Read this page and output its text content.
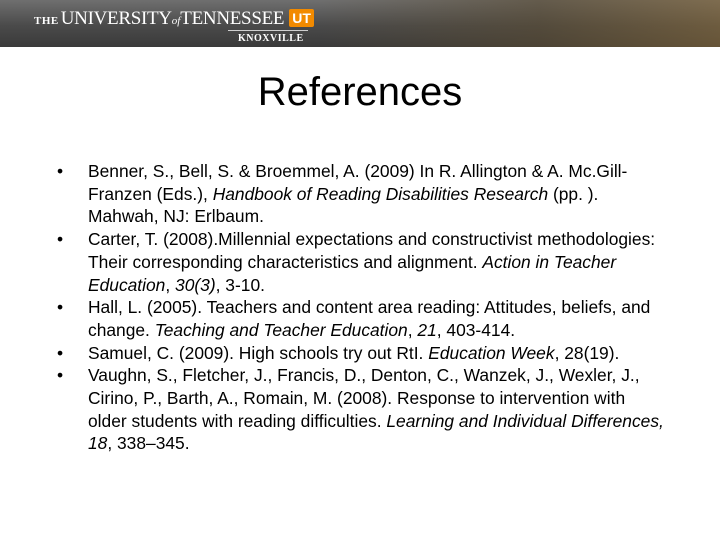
THE UNIVERSITYofTENNESSEE UT
KNOXVILLE
References
• Benner, S., Bell, S. & Broemmel, A. (2009) In R. Allington & A. Mc.Gill-Franzen (Eds.), Handbook of Reading Disabilities Research (pp. ). Mahwah, NJ: Erlbaum.
• Carter, T. (2008).Millennial expectations and constructivist methodologies: Their corresponding characteristics and alignment. Action in Teacher Education, 30(3), 3-10.
• Hall, L. (2005). Teachers and content area reading: Attitudes, beliefs, and change. Teaching and Teacher Education, 21, 403-414.
• Samuel, C. (2009). High schools try out RtI. Education Week, 28(19).
• Vaughn, S., Fletcher, J., Francis, D., Denton, C., Wanzek, J., Wexler, J., Cirino, P., Barth, A., Romain, M. (2008). Response to intervention with older students with reading difficulties. Learning and Individual Differences, 18, 338–345.
